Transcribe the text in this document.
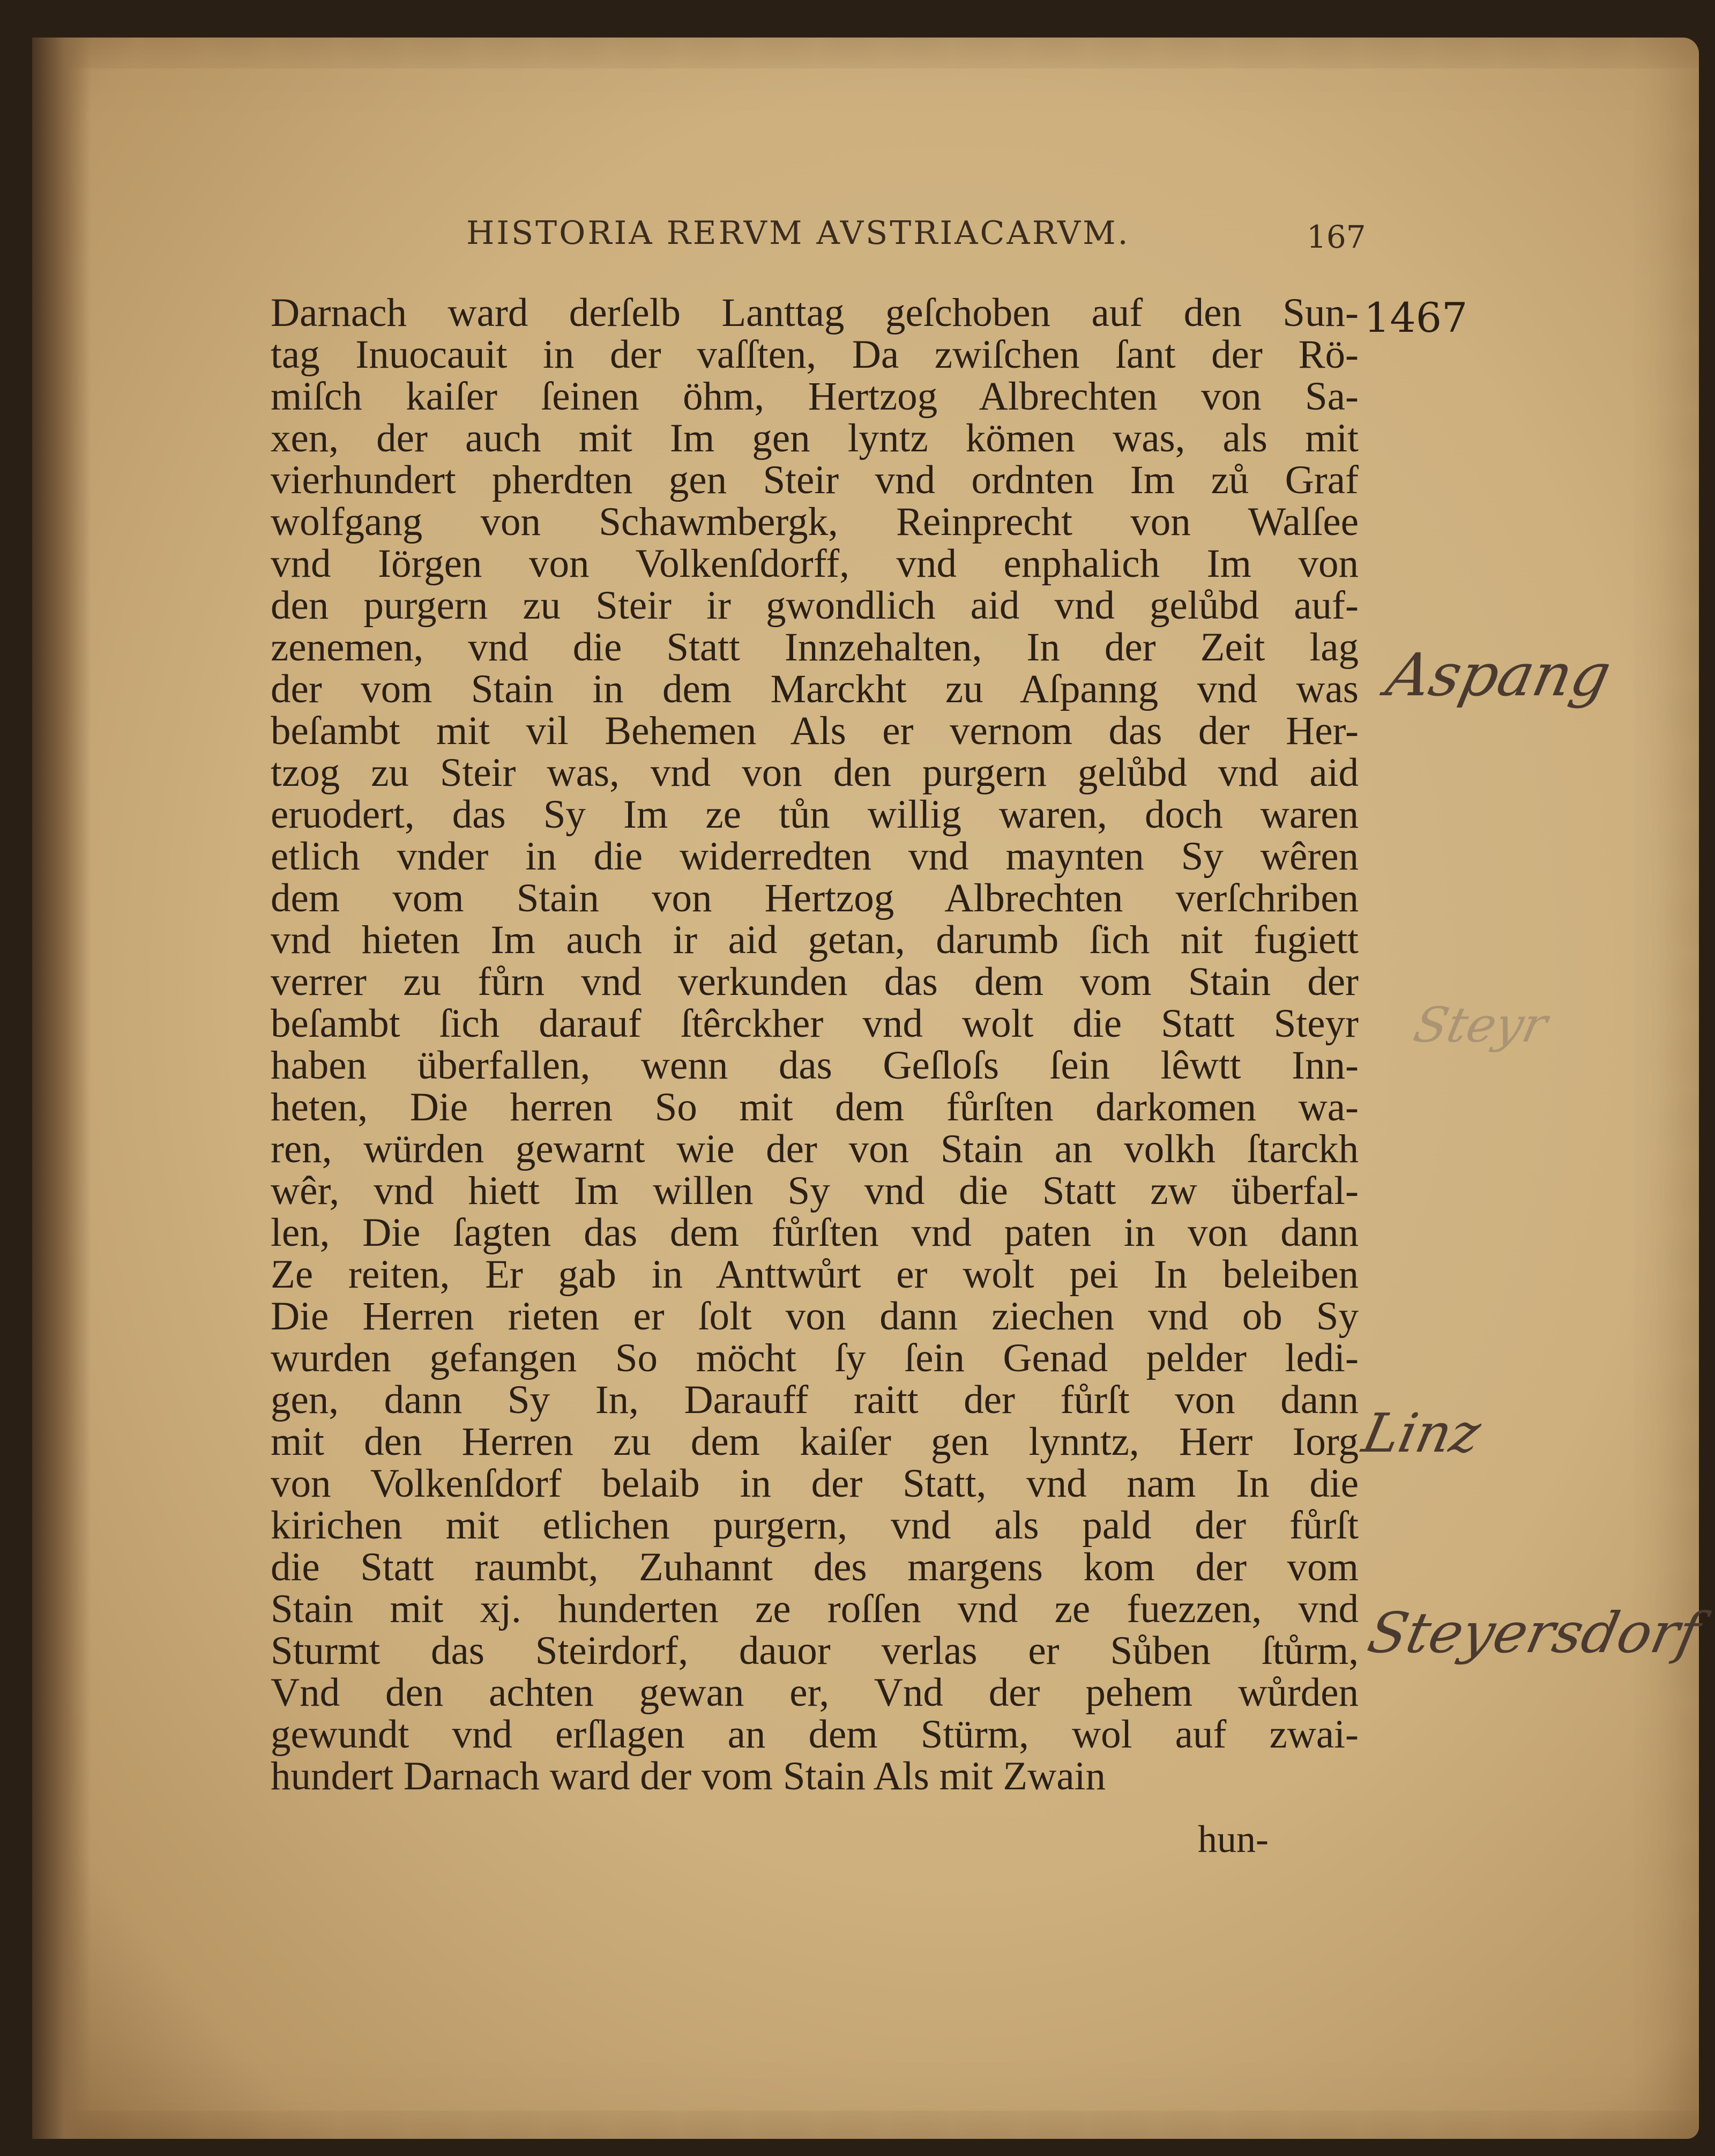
HISTORIA RERVM AVSTRIACARVM.	167
1467
Darnach ward derſelb Lanttag geſchoben auf den Sun-
tag Inuocauit in der vaſſten, Da zwiſchen ſant der Rö-
miſch kaiſer ſeinen öhm, Hertzog Albrechten von Sa-
xen, der auch mit Im gen lyntz kömen was, als mit
vierhundert pherdten gen Steir vnd ordnten Im zů Graf
wolfgang von Schawmbergk, Reinprecht von Walſee
vnd Iörgen von Volkenſdorff, vnd enphalich Im von
den purgern zu Steir ir gwondlich aid vnd gelůbd auf-
zenemen, vnd die Statt Innzehalten, In der Zeit lag
der vom Stain in dem Marckht zu Aſpanng vnd was
beſambt mit vil Behemen Als er vernom das der Her-
tzog zu Steir was, vnd von den purgern gelůbd vnd aid
eruodert, das Sy Im ze tůn willig waren, doch waren
etlich vnder in die widerredten vnd maynten Sy wêren
dem vom Stain von Hertzog Albrechten verſchriben
vnd hieten Im auch ir aid getan, darumb ſich nit fugiett
verrer zu fůrn vnd verkunden das dem vom Stain der
beſambt ſich darauf ſtêrckher vnd wolt die Statt Steyr
haben überfallen, wenn das Geſloſs ſein lêwtt Inn-
heten, Die herren So mit dem fůrſten darkomen wa-
ren, würden gewarnt wie der von Stain an volkh ſtarckh
wêr, vnd hiett Im willen Sy vnd die Statt zw überfal-
len, Die ſagten das dem fůrſten vnd paten in von dann
Ze reiten, Er gab in Anttwůrt er wolt pei In beleiben
Die Herren rieten er ſolt von dann ziechen vnd ob Sy
wurden gefangen So möcht ſy ſein Genad pelder ledi-
gen, dann Sy In, Darauff raitt der fůrſt von dann
mit den Herren zu dem kaiſer gen lynntz, Herr Iorg
von Volkenſdorf belaib in der Statt, vnd nam In die
kirichen mit etlichen purgern, vnd als pald der fůrſt
die Statt raumbt, Zuhannt des margens kom der vom
Stain mit xj. hunderten ze roſſen vnd ze fuezzen, vnd
Sturmt das Steirdorf, dauor verlas er Sůben ſtůrm,
Vnd den achten gewan er, Vnd der pehem wůrden
gewundt vnd erſlagen an dem Stürm, wol auf zwai-
hundert Darnach ward der vom Stain Als mit Zwain
hun-
Aspang
Steyr
Linz
Steyersdorf
